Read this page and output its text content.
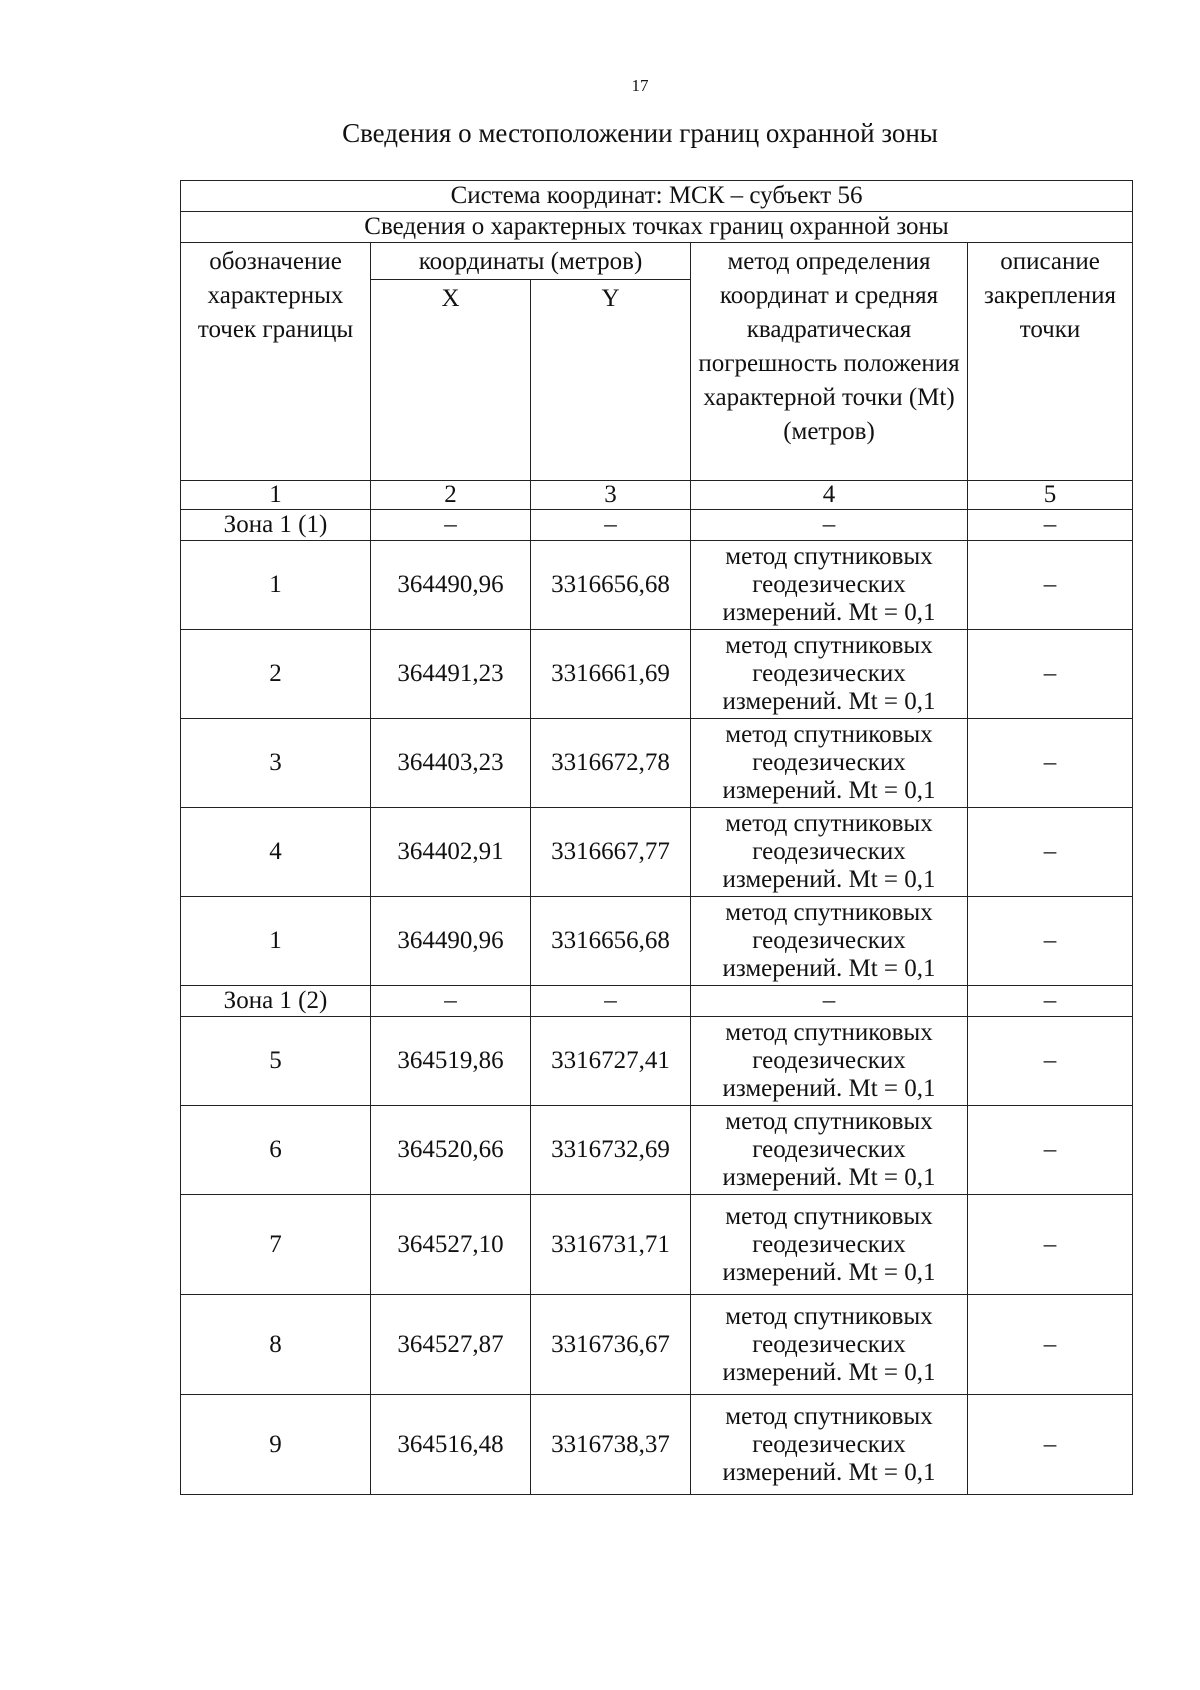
17
Сведения о местоположении границ охранной зоны
Система координат: МСК – субъект 56				
Сведения о характерных точках границ охранной зоны				
обозначение характерных точек границы	координаты (метров)		метод определения координат и средняя квадратическая погрешность положения характерной точки (Mt) (метров)	описание закрепления точки
	X	Y		
1	2	3	4	5
Зона 1 (1)	–	–	–	–
1	364490,96	3316656,68	метод спутниковых геодезических измерений. Mt = 0,1	–
2	364491,23	3316661,69	метод спутниковых геодезических измерений. Mt = 0,1	–
3	364403,23	3316672,78	метод спутниковых геодезических измерений. Mt = 0,1	–
4	364402,91	3316667,77	метод спутниковых геодезических измерений. Mt = 0,1	–
1	364490,96	3316656,68	метод спутниковых геодезических измерений. Mt = 0,1	–
Зона 1 (2)	–	–	–	–
5	364519,86	3316727,41	метод спутниковых геодезических измерений. Mt = 0,1	–
6	364520,66	3316732,69	метод спутниковых геодезических измерений. Mt = 0,1	–
7	364527,10	3316731,71	метод спутниковых геодезических измерений. Mt = 0,1	–
8	364527,87	3316736,67	метод спутниковых геодезических измерений. Mt = 0,1	–
9	364516,48	3316738,37	метод спутниковых геодезических измерений. Mt = 0,1	–
